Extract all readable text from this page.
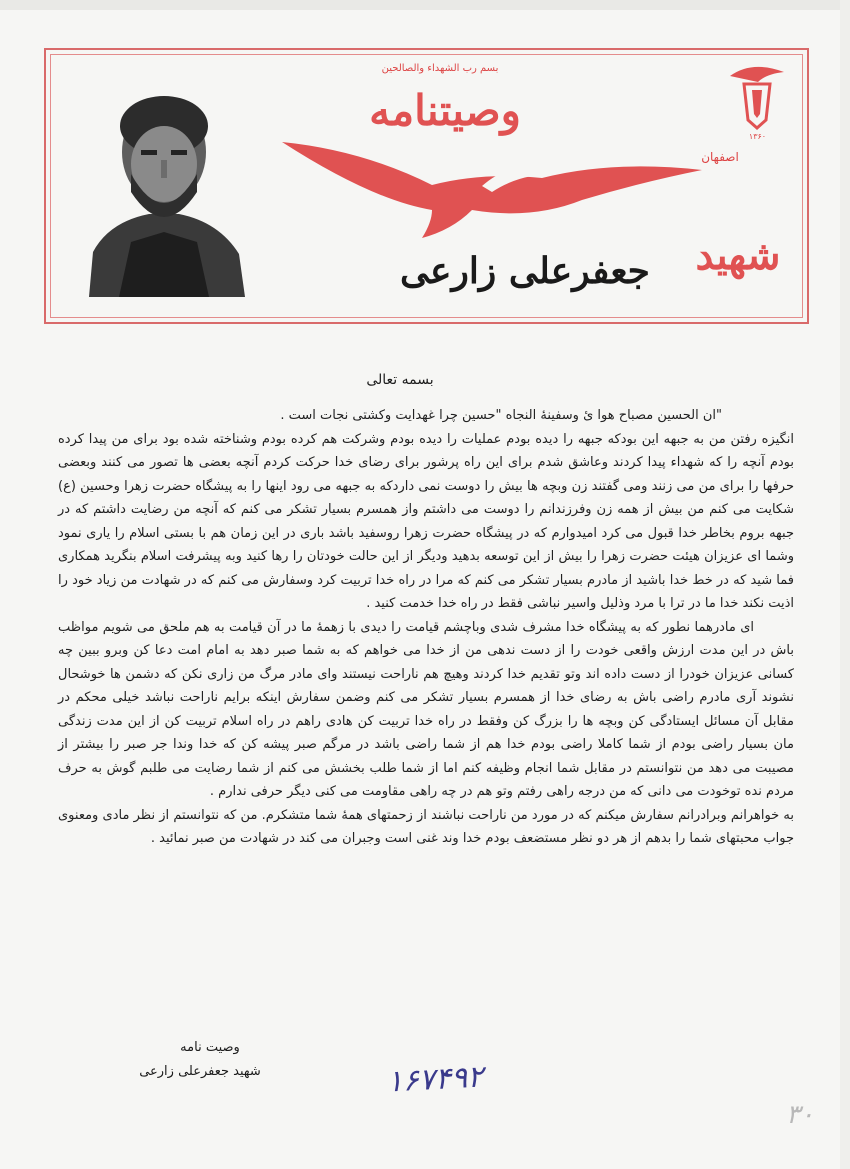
بسم رب الشهداء والصالحين
وصیتنامه
اصفهان
۱۳۶۰
شهید
جعفرعلی زارعی
بسمه تعالی

"ان الحسین مصباح هوا ئ وسفینهٔ النجاه "حسین چرا غهدایت وکشتی نجات است .

انگیزه رفتن من به جبهه این بودکه جبهه را دیده بودم عملیات را دیده بودم وشرکت هم کرده بودم وشناخته شده بود برای من پیدا کرده بودم آنچه را که شهداء پیدا کردند وعاشق شدم برای این راه پرشور برای رضای خدا حرکت کردم آنچه بعضی ها تصور می کنند وبعضی حرفها را برای من می زنند ومی گفتند زن وبچه ها بیش را دوست نمی داردکه به جبهه می رود اینها را به پیشگاه حضرت زهرا وحسین (ع) شکایت می کنم من بیش از همه زن وفرزندانم را دوست می داشتم واز همسرم بسیار تشکر می کنم که آنچه من رضایت داشتم که در جبهه بروم بخاطر خدا قبول می کرد امیدوارم که در پیشگاه حضرت زهرا روسفید باشد باری در این زمان هم با بستی اسلام را یاری نمود وشما ای عزیزان هیئت حضرت زهرا را بیش از این توسعه بدهید ودیگر از این حالت خودتان را رها کنید وبه پیشرفت اسلام بنگرید همکاری فما شید که در خط خدا باشید از مادرم بسیار تشکر می کنم که مرا در راه خدا تربیت کرد وسفارش می کنم که در شهادت من زیاد خود را اذیت نکند خدا ما در ترا با مرد وذلیل واسیر نباشی فقط در راه خدا خدمت کنید .

ای مادرهما نطور که به پیشگاه خدا مشرف شدی وباچشم قیامت را دیدی با زهمهٔ ما در آن قیامت به هم ملحق می شویم مواظب باش در این مدت ارزش واقعی خودت را از دست ندهی من از خدا می خواهم که به شما صبر دهد به امام امت دعا کن وبرو ببین چه کسانی عزیزان خودرا از دست داده اند وتو تقدیم خدا کردند وهیچ هم ناراحت نیستند وای مادر مرگ من زاری نکن که دشمن ها خوشحال نشوند آری مادرم راضی باش به رضای خدا از همسرم بسیار تشکر می کنم وضمن سفارش اینکه برایم ناراحت نباشد خیلی محکم در مقابل آن مسائل ایستادگی کن وبچه ها را بزرگ کن وفقط در راه خدا تربیت کن هادی راهم در راه اسلام تربیت کن از این مدت زندگی مان بسیار راضی بودم از شما کاملا راضی بودم خدا هم از شما راضی باشد در مرگم صبر پیشه کن که خدا وندا جر صبر را بیشتر از مصیبت می دهد من نتوانستم در مقابل شما انجام وظیفه کنم اما از شما طلب بخشش می کنم از شما رضایت می طلبم گوش به حرف مردم نده توخودت می دانی که من درجه راهی رفتم وتو هم در چه راهی مقاومت می کنی دیگر حرفی ندارم .

به خواهرانم وبرادرانم سفارش میکنم که در مورد من ناراحت نباشند از زحمتهای همهٔ شما متشکرم. من که نتوانستم از نظر مادی ومعنوی جواب محبتهای شما را بدهم از هر دو نظر مستضعف بودم خدا وند غنی است وجبران می کند در شهادت من صبر نمائید .

وصیت نامه
شهید جعفرعلی زارعی	۱۶۷۴۹۲
۳۰
